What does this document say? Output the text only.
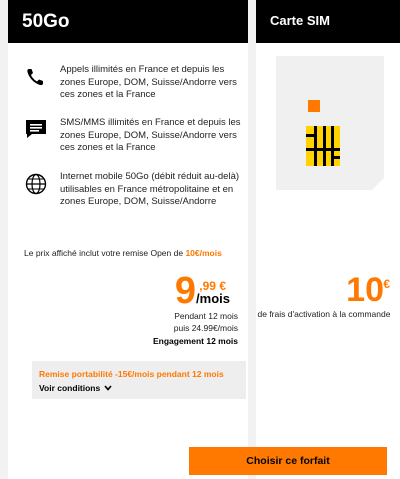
50Go
Appels illimités en France et depuis les zones Europe, DOM, Suisse/Andorre vers ces zones et la France
SMS/MMS illimités en France et depuis les zones Europe, DOM, Suisse/Andorre vers ces zones et la France
Internet mobile 50Go (débit réduit au-delà) utilisables en France métropolitaine et en zones Europe, DOM, Suisse/Andorre
Le prix affiché inclut votre remise Open de 10€/mois
9 ,99 €
/mois
Pendant 12 mois
puis 24.99€/mois
Engagement 12 mois
Remise portabilité -15€/mois pendant 12 mois
Voir conditions
Carte SIM
10 €
de frais d'activation à la commande
Choisir ce forfait
